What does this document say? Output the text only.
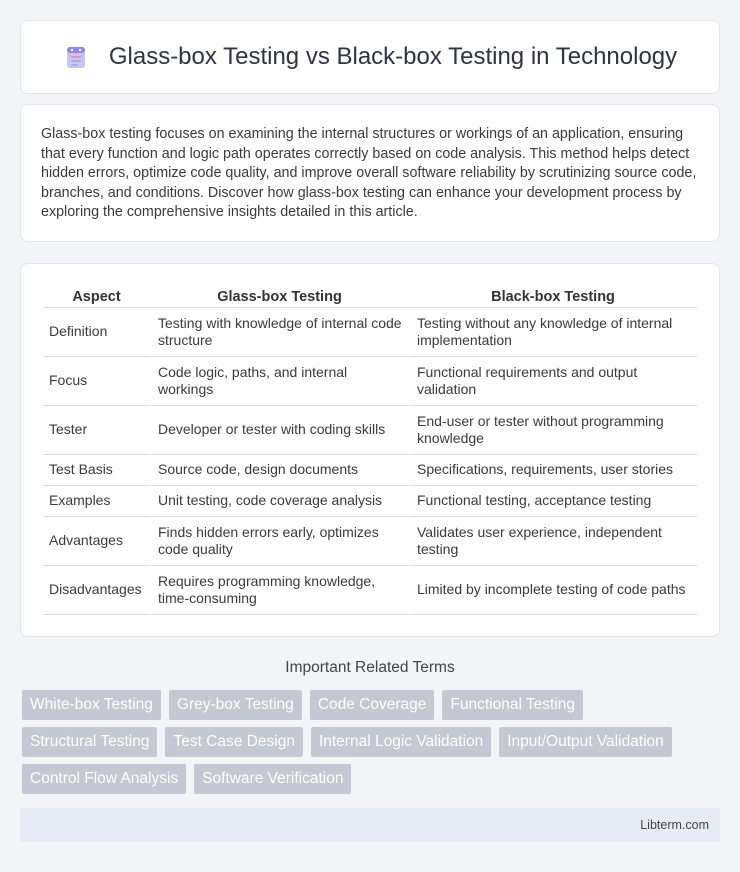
Glass-box Testing vs Black-box Testing in Technology

Glass-box testing focuses on examining the internal structures or workings of an application, ensuring that every function and logic path operates correctly based on code analysis. This method helps detect hidden errors, optimize code quality, and improve overall software reliability by scrutinizing source code, branches, and conditions. Discover how glass-box testing can enhance your development process by exploring the comprehensive insights detailed in this article.

Aspect	Glass-box Testing	Black-box Testing
Definition	Testing with knowledge of internal code structure	Testing without any knowledge of internal implementation
Focus	Code logic, paths, and internal workings	Functional requirements and output validation
Tester	Developer or tester with coding skills	End-user or tester without programming knowledge
Test Basis	Source code, design documents	Specifications, requirements, user stories
Examples	Unit testing, code coverage analysis	Functional testing, acceptance testing
Advantages	Finds hidden errors early, optimizes code quality	Validates user experience, independent testing
Disadvantages	Requires programming knowledge, time-consuming	Limited by incomplete testing of code paths
Important Related Terms
White-box Testing	Grey-box Testing	Code Coverage	Functional Testing
Structural Testing	Test Case Design	Internal Logic Validation	Input/Output Validation
Control Flow Analysis	Software Verification
Libterm.com
